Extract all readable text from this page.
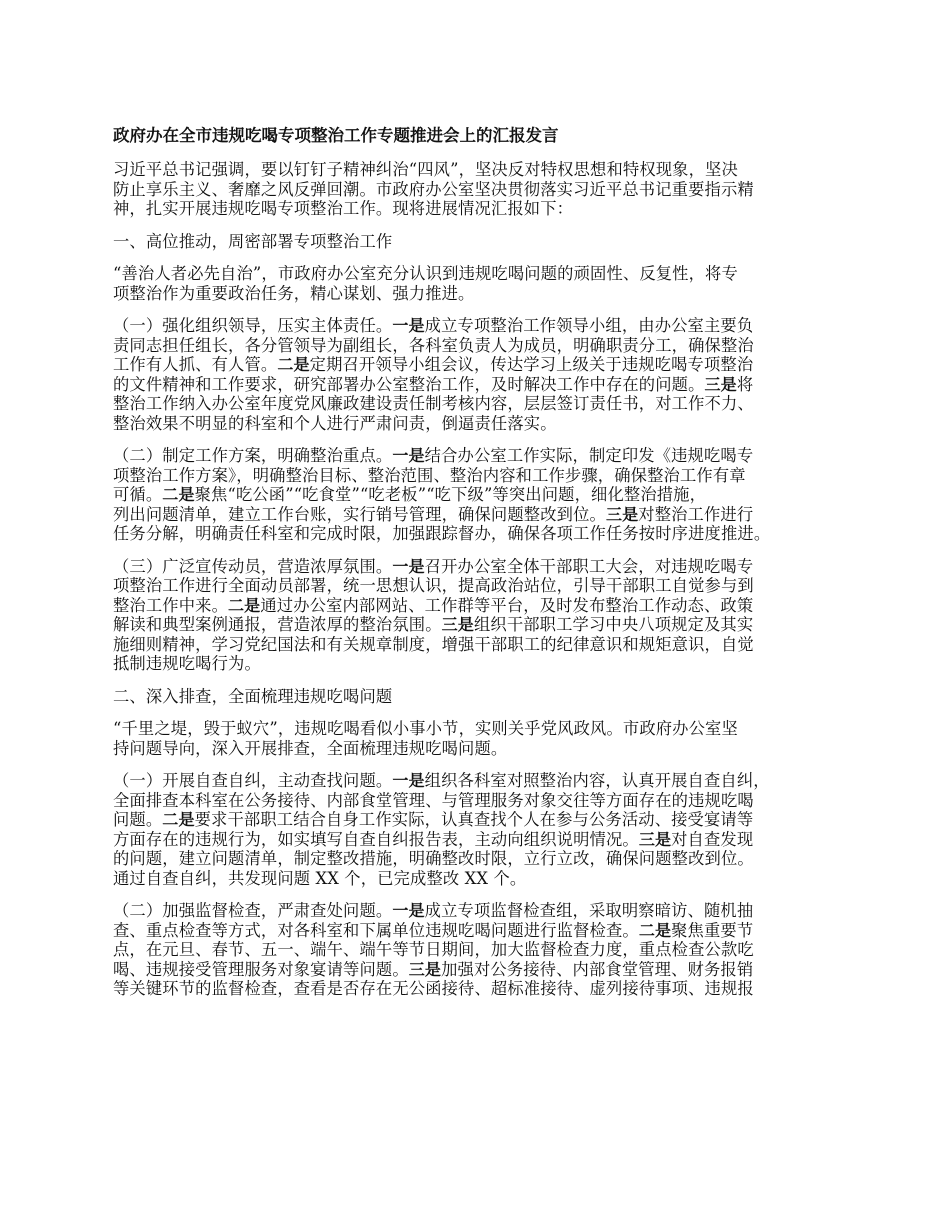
政府办在全市违规吃喝专项整治工作专题推进会上的汇报发言
习近平总书记强调，要以钉钉子精神纠治“四风”，坚决反对特权思想和特权现象，坚决
防止享乐主义、奢靡之风反弹回潮。市政府办公室坚决贯彻落实习近平总书记重要指示精
神，扎实开展违规吃喝专项整治工作。现将进展情况汇报如下：
一、高位推动，周密部署专项整治工作
“善治人者必先自治”，市政府办公室充分认识到违规吃喝问题的顽固性、反复性，将专
项整治作为重要政治任务，精心谋划、强力推进。
（一）强化组织领导，压实主体责任。一是成立专项整治工作领导小组，由办公室主要负
责同志担任组长，各分管领导为副组长，各科室负责人为成员，明确职责分工，确保整治
工作有人抓、有人管。二是定期召开领导小组会议，传达学习上级关于违规吃喝专项整治
的文件精神和工作要求，研究部署办公室整治工作，及时解决工作中存在的问题。三是将
整治工作纳入办公室年度党风廉政建设责任制考核内容，层层签订责任书，对工作不力、
整治效果不明显的科室和个人进行严肃问责，倒逼责任落实。
（二）制定工作方案，明确整治重点。一是结合办公室工作实际，制定印发《违规吃喝专
项整治工作方案》，明确整治目标、整治范围、整治内容和工作步骤，确保整治工作有章
可循。二是聚焦“吃公函”“吃食堂”“吃老板”“吃下级”等突出问题，细化整治措施，
列出问题清单，建立工作台账，实行销号管理，确保问题整改到位。三是对整治工作进行
任务分解，明确责任科室和完成时限，加强跟踪督办，确保各项工作任务按时序进度推进。
（三）广泛宣传动员，营造浓厚氛围。一是召开办公室全体干部职工大会，对违规吃喝专
项整治工作进行全面动员部署，统一思想认识，提高政治站位，引导干部职工自觉参与到
整治工作中来。二是通过办公室内部网站、工作群等平台，及时发布整治工作动态、政策
解读和典型案例通报，营造浓厚的整治氛围。三是组织干部职工学习中央八项规定及其实
施细则精神，学习党纪国法和有关规章制度，增强干部职工的纪律意识和规矩意识，自觉
抵制违规吃喝行为。
二、深入排查，全面梳理违规吃喝问题
“千里之堤，毁于蚁穴”，违规吃喝看似小事小节，实则关乎党风政风。市政府办公室坚
持问题导向，深入开展排查，全面梳理违规吃喝问题。
（一）开展自查自纠，主动查找问题。一是组织各科室对照整治内容，认真开展自查自纠，
全面排查本科室在公务接待、内部食堂管理、与管理服务对象交往等方面存在的违规吃喝
问题。二是要求干部职工结合自身工作实际，认真查找个人在参与公务活动、接受宴请等
方面存在的违规行为，如实填写自查自纠报告表，主动向组织说明情况。三是对自查发现
的问题，建立问题清单，制定整改措施，明确整改时限，立行立改，确保问题整改到位。
通过自查自纠，共发现问题 XX 个，已完成整改 XX 个。
（二）加强监督检查，严肃查处问题。一是成立专项监督检查组，采取明察暗访、随机抽
查、重点检查等方式，对各科室和下属单位违规吃喝问题进行监督检查。二是聚焦重要节
点，在元旦、春节、五一、端午、端午等节日期间，加大监督检查力度，重点检查公款吃
喝、违规接受管理服务对象宴请等问题。三是加强对公务接待、内部食堂管理、财务报销
等关键环节的监督检查，查看是否存在无公函接待、超标准接待、虚列接待事项、违规报
